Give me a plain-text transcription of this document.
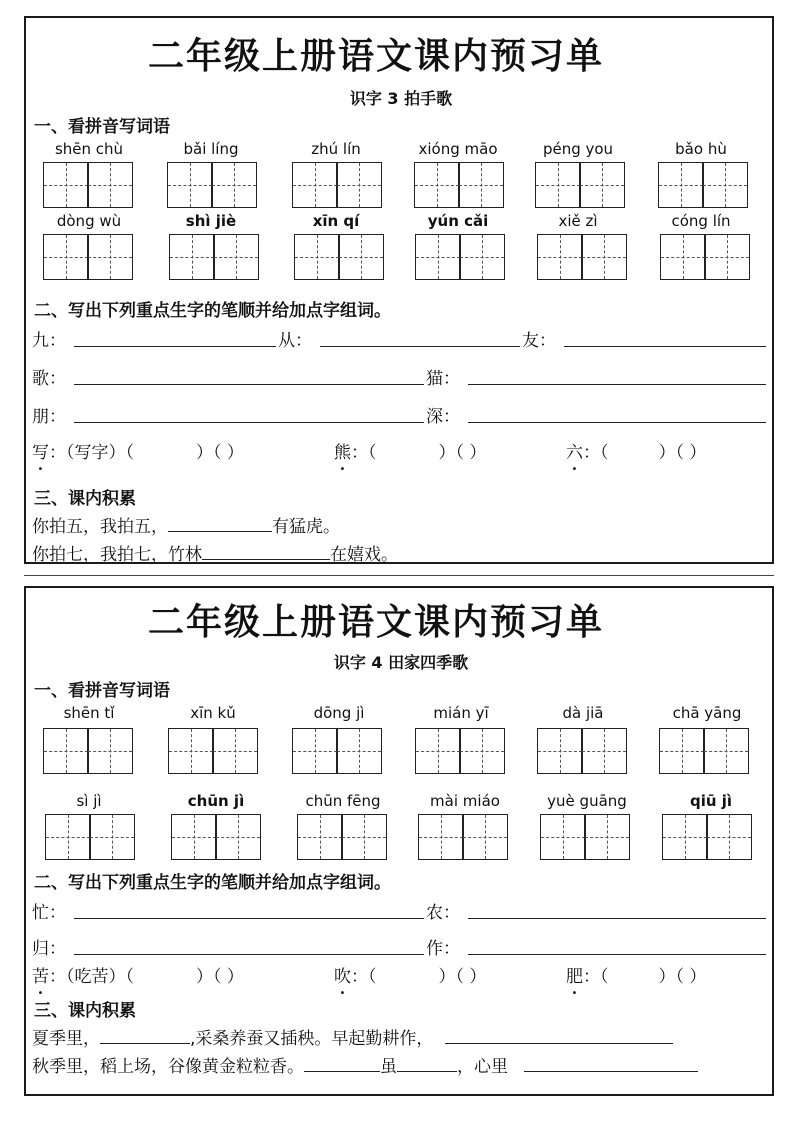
二年级上册语文课内预习单
识字 3 拍手歌
一、看拼音写词语
shēn chù	bǎi líng	zhú lín	xióng māo	péng you	bǎo hù
dòng wù	shì jiè	xīn qí	yún cǎi	xiě zì	cóng lín
二、写出下列重点生字的笔顺并给加点字组词。
九：	从：	友：
歌：	猫：
朋：	深：
写：（写字）（	）（ ）	熊：（	）（ ）	六：（	）（ ）
三、课内积累
你拍五，我拍五，	有猛虎。
你拍七，我拍七，竹林	在嬉戏。
二年级上册语文课内预习单
识字 4 田家四季歌
一、看拼音写词语
shēn tǐ	xīn kǔ	dōng jì	mián yī	dà jiā	chā yāng
sì jì	chūn jì	chūn fēng	mài miáo	yuè guāng	qiū jì
二、写出下列重点生字的笔顺并给加点字组词。
忙：	农：
归：	作：
苦：（吃苦）（	）（ ）	吹：（	）（ ）	肥：（	）（ ）
三、课内积累
夏季里，	,采桑养蚕又插秧。早起勤耕作，
秋季里，稻上场，谷像黄金粒粒香。	虽	，心里
